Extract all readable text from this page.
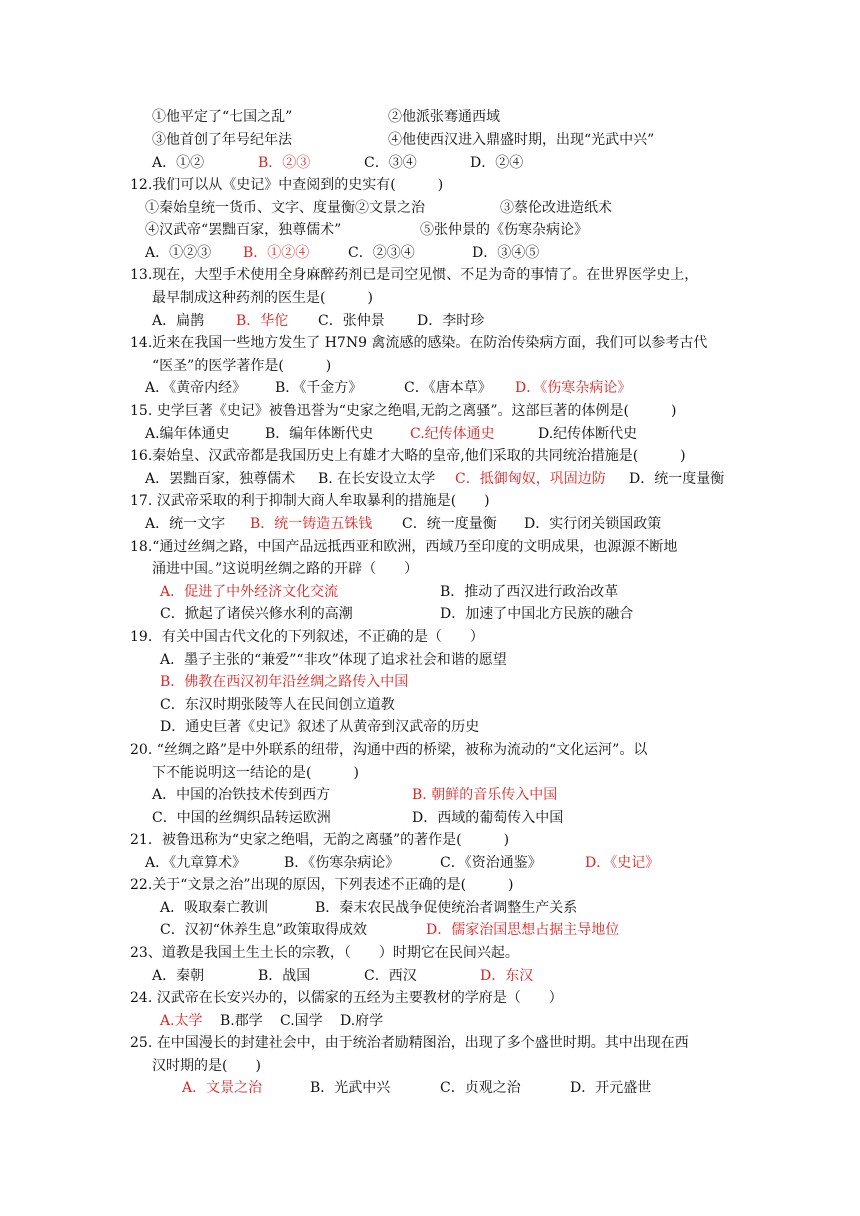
①他平定了“七国之乱”	②他派张骞通西域
③他首创了年号纪年法	④他使西汉进入鼎盛时期，出现“光武中兴”
A．①②	B．②③	C．③④	D．②④
12.我们可以从《史记》中查阅到的史实有(　　　)
①秦始皇统一货币、文字、度量衡②文景之治	③蔡伦改进造纸术
④汉武帝“罢黜百家，独尊儒术”	⑤张仲景的《伤寒杂病论》
A．①②③ B．①②④	C．②③④	D．③④⑤
13.现在，大型手术使用全身麻醉药剂已是司空见惯、不足为奇的事情了。在世界医学史上，
最早制成这种药剂的医生是(　　　)
A．扁鹊 B．华佗 C．张仲景 D．李时珍
14.近来在我国一些地方发生了 H7N9 禽流感的感染。在防治传染病方面，我们可以参考古代
“医圣”的医学著作是(　　　)
A．《黄帝内经》 B．《千金方》	C．《唐本草》 D．《伤寒杂病论》
15. 史学巨著《史记》被鲁迅誉为“史家之绝唱,无韵之离骚”。这部巨著的体例是(　　　)
A.编年体通史	B．编年体断代史	C.纪传体通史	D.纪传体断代史
16.秦始皇、汉武帝都是我国历史上有雄才大略的皇帝,他们采取的共同统治措施是(　　　)
A．罢黜百家，独尊儒术 B. 在长安设立太学 C．抵御匈奴，巩固边防 D．统一度量衡
17. 汉武帝采取的利于抑制大商人牟取暴利的措施是(　　)
A．统一文字 B．统一铸造五铢钱 C．统一度量衡 D．实行闭关锁国政策
18.“通过丝绸之路，中国产品远抵西亚和欧洲，西域乃至印度的文明成果，也源源不断地
涌进中国。”这说明丝绸之路的开辟（　　）
A．促进了中外经济文化交流	B．推动了西汉进行政治改革
C．掀起了诸侯兴修水利的高潮	D．加速了中国北方民族的融合
19．有关中国古代文化的下列叙述，不正确的是（　　）
A．墨子主张的“兼爱”“非攻”体现了追求社会和谐的愿望
B．佛教在西汉初年沿丝绸之路传入中国
C．东汉时期张陵等人在民间创立道教
D．通史巨著《史记》叙述了从黄帝到汉武帝的历史
20. “丝绸之路”是中外联系的纽带，沟通中西的桥梁，被称为流动的“文化运河”。以
下不能说明这一结论的是(　　　)
A．中国的冶铁技术传到西方	B. 朝鲜的音乐传入中国
C．中国的丝绸织品转运欧洲	D．西域的葡萄传入中国
21．被鲁迅称为“史家之绝唱，无韵之离骚”的著作是(　　　)
A．《九章算术》	B．《伤寒杂病论》	C．《资治通鉴》	D．《史记》
22.关于“文景之治”出现的原因，下列表述不正确的是(　　　)
A．吸取秦亡教训	B．秦末农民战争促使统治者调整生产关系
C．汉初“休养生息”政策取得成效	D．儒家治国思想占据主导地位
23、道教是我国土生土长的宗教，（　　）时期它在民间兴起。
A．秦朝	B．战国	C．西汉	D．东汉
24. 汉武帝在长安兴办的，以儒家的五经为主要教材的学府是（　　）
A.太学 B.郡学 C.国学 D.府学
25. 在中国漫长的封建社会中，由于统治者励精图治，出现了多个盛世时期。其中出现在西
汉时期的是(　　)
A．文景之治	B．光武中兴	C．贞观之治	D．开元盛世
